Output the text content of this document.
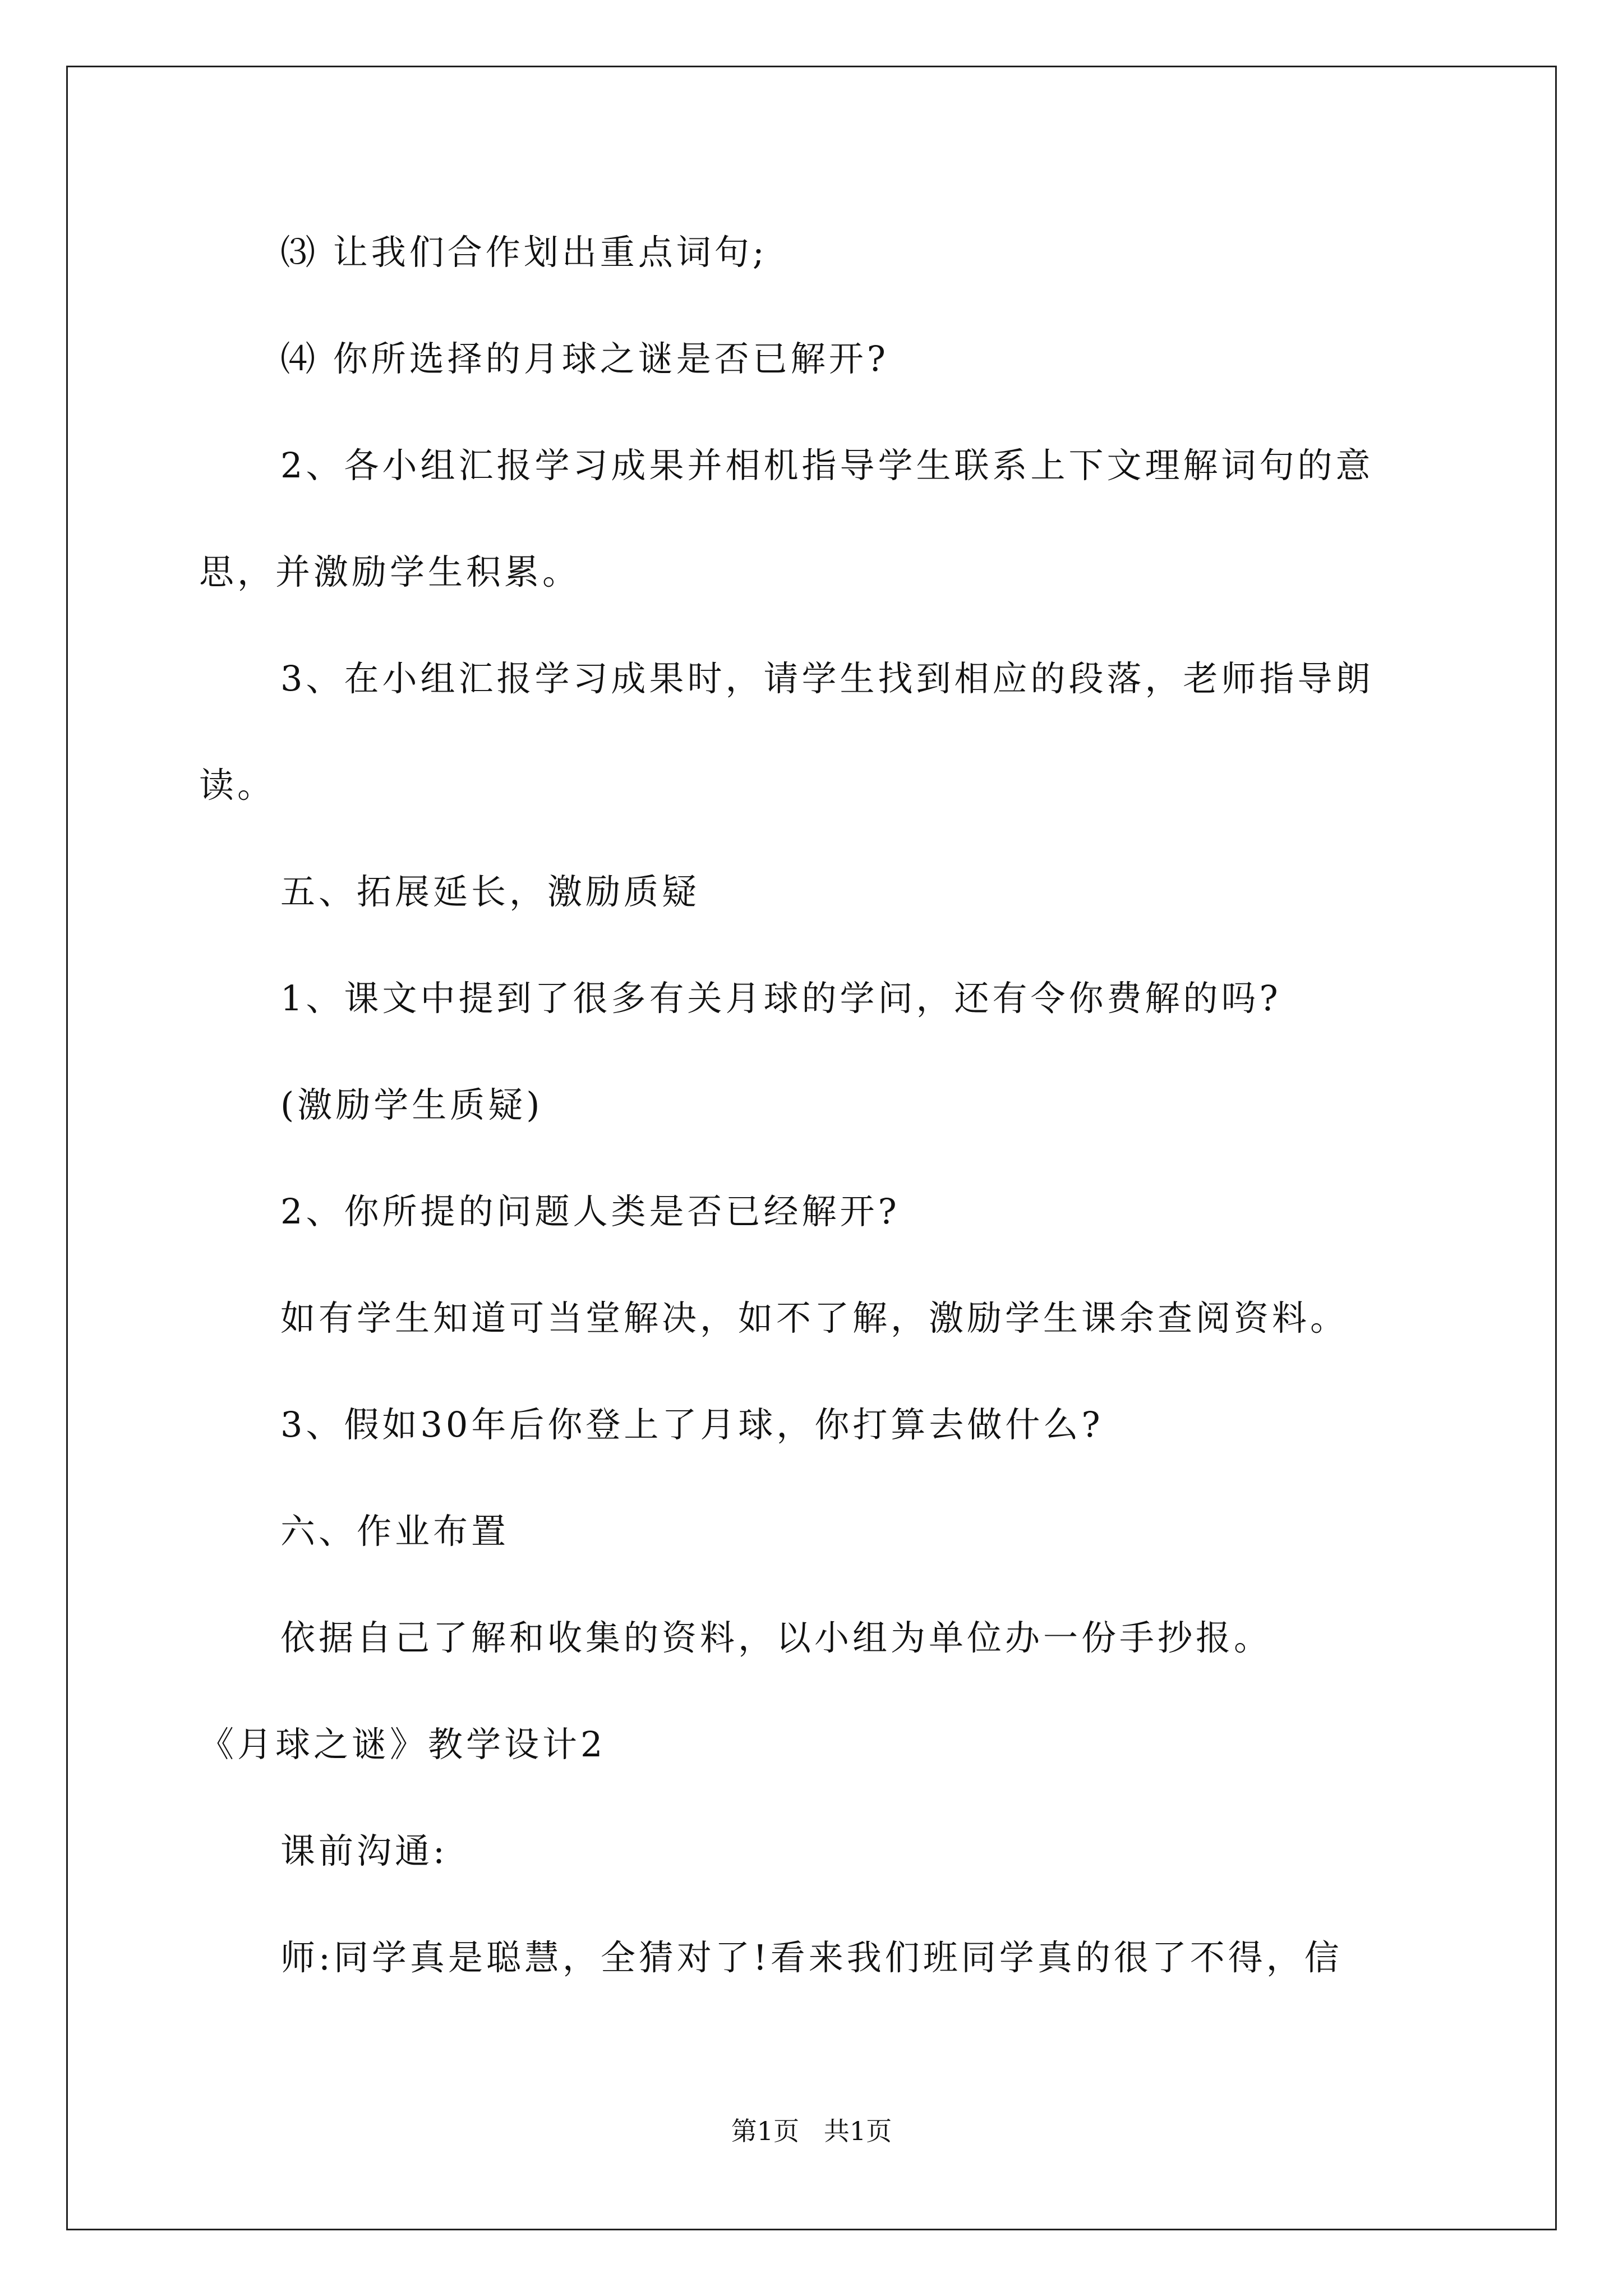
⑶ 让我们合作划出重点词句;
⑷ 你所选择的月球之谜是否已解开?
2、各小组汇报学习成果并相机指导学生联系上下文理解词句的意
思，并激励学生积累。
3、在小组汇报学习成果时，请学生找到相应的段落，老师指导朗
读。
五、拓展延长，激励质疑
1、课文中提到了很多有关月球的学问，还有令你费解的吗?
(激励学生质疑)
2、你所提的问题人类是否已经解开?
如有学生知道可当堂解决，如不了解，激励学生课余查阅资料。
3、假如30年后你登上了月球，你打算去做什么?
六、作业布置
依据自己了解和收集的资料，以小组为单位办一份手抄报。
《月球之谜》教学设计2
课前沟通:
师:同学真是聪慧，全猜对了!看来我们班同学真的很了不得，信
第1页   共1页
